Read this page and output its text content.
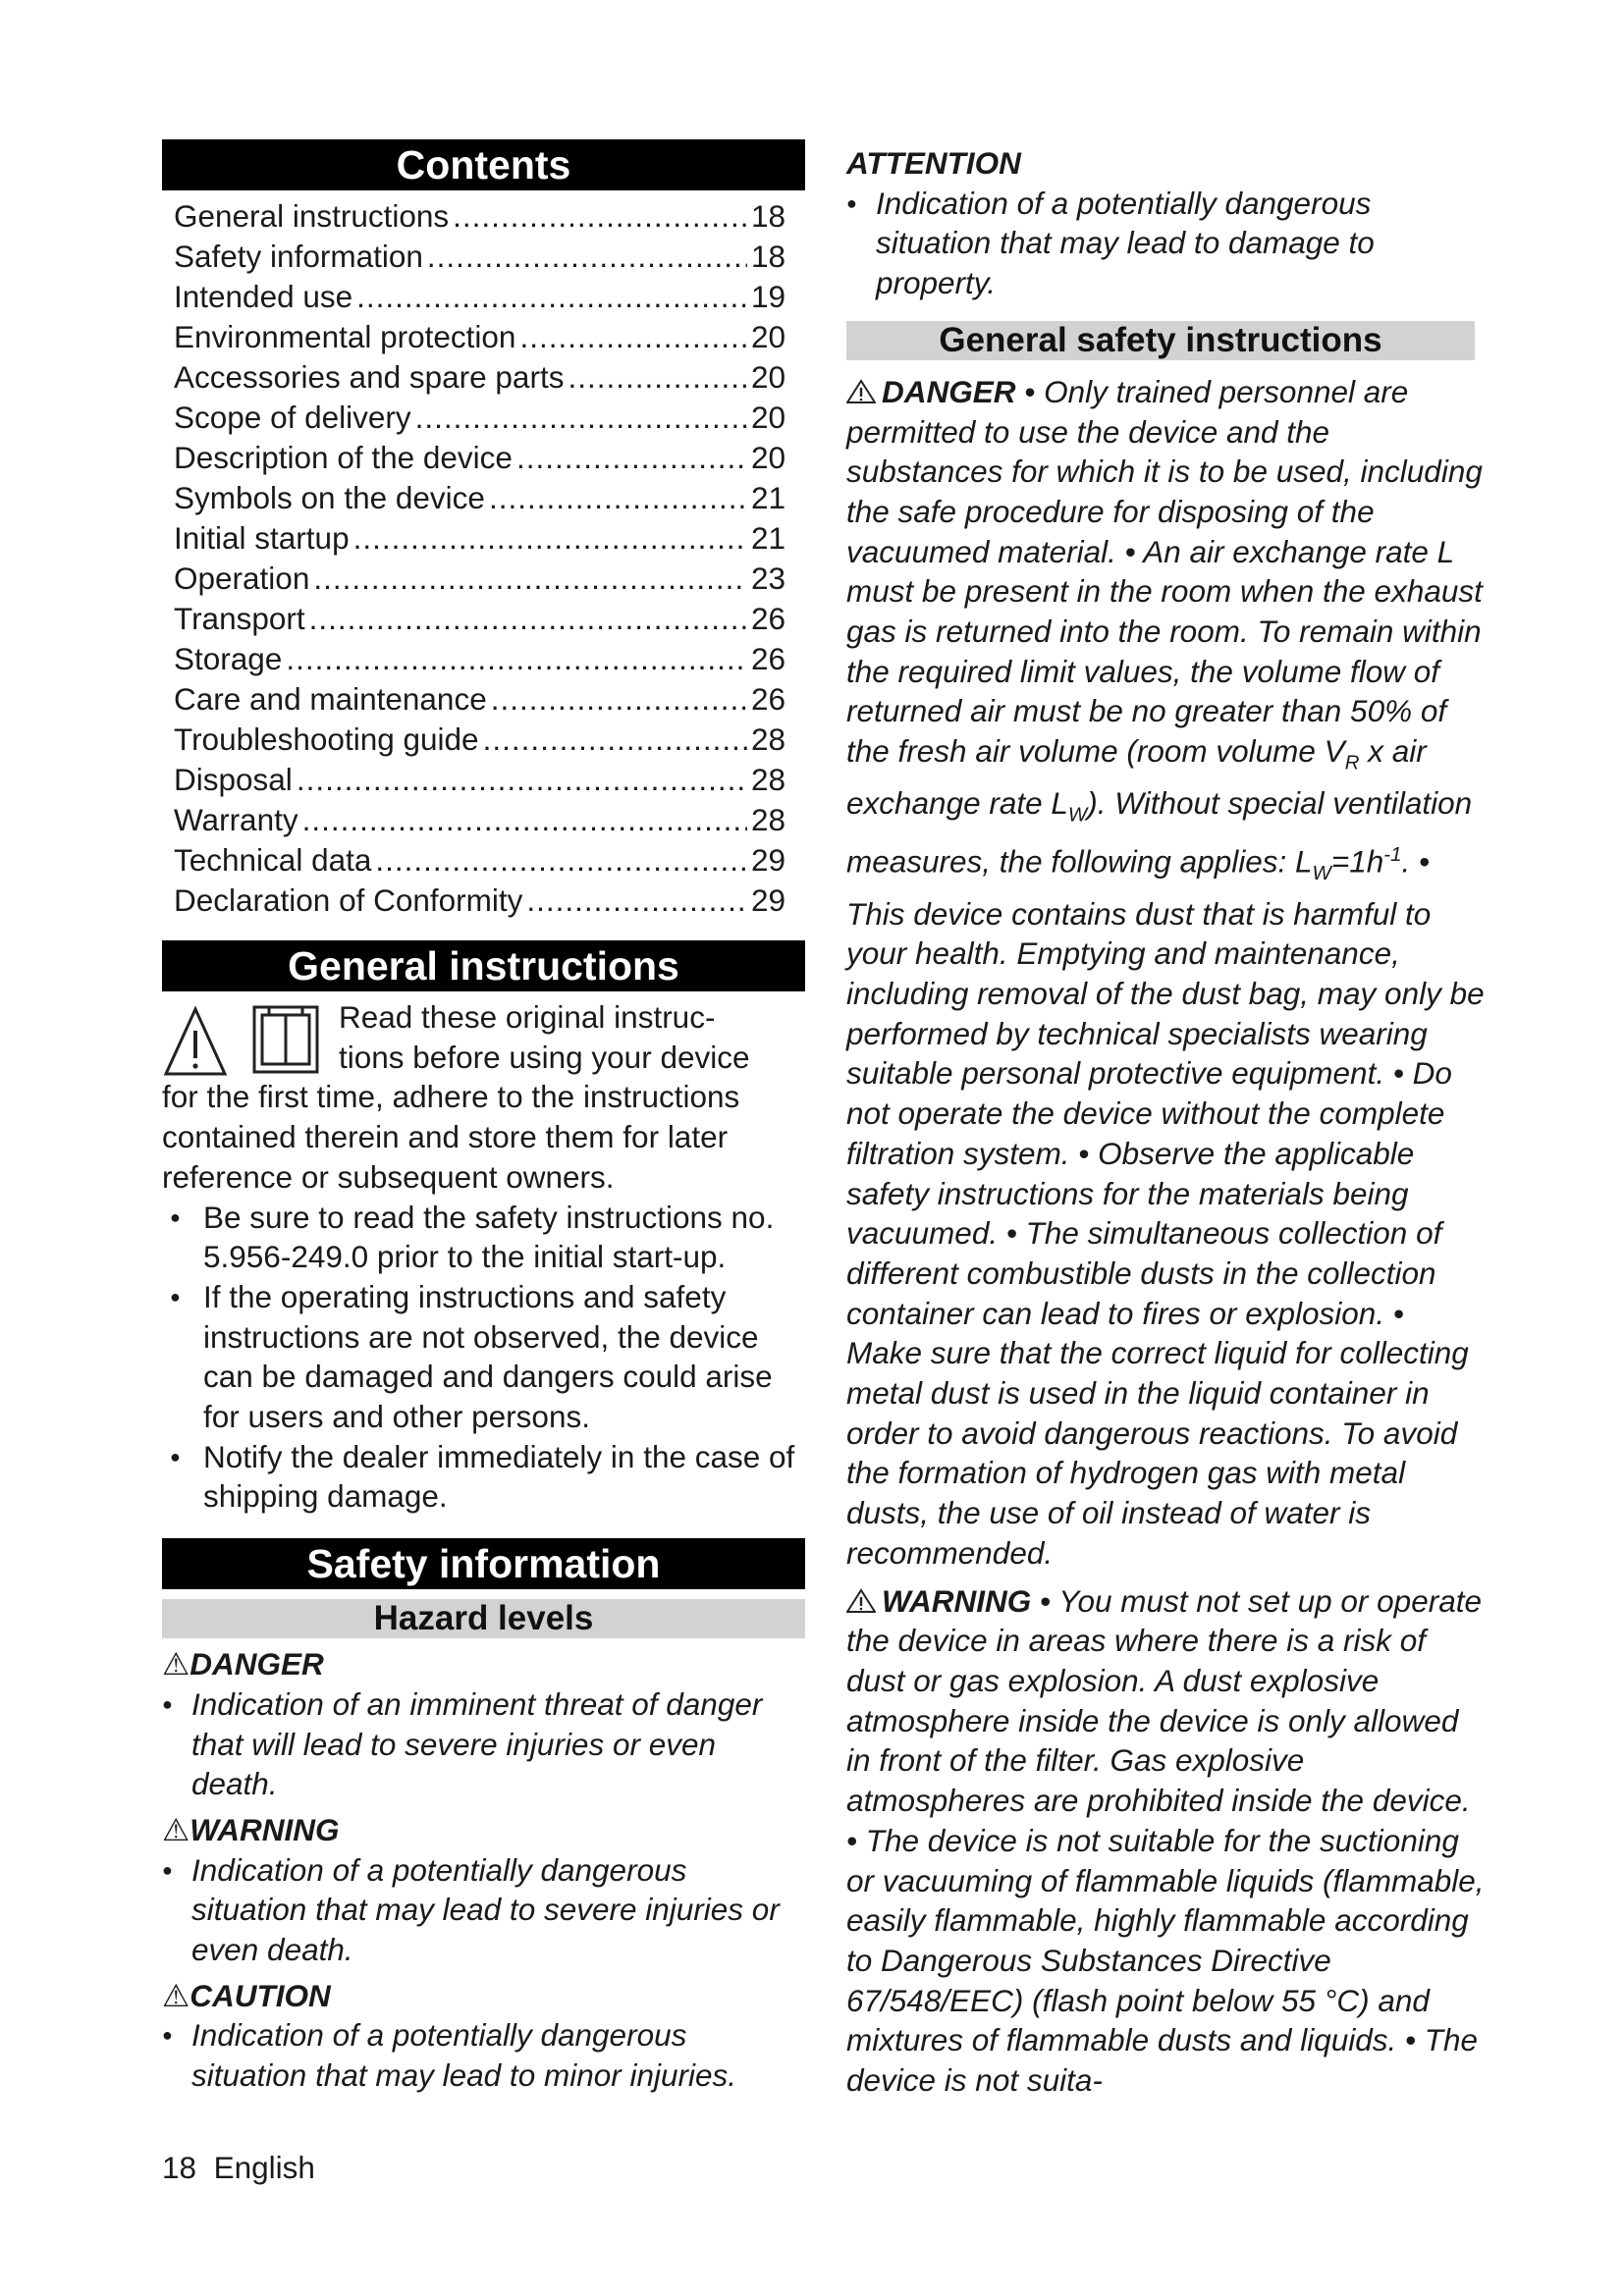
Contents
General instructions .....	18
Safety information .....	18
Intended use .....	19
Environmental protection .....	20
Accessories and spare parts .....	20
Scope of delivery .....	20
Description of the device .....	20
Symbols on the device .....	21
Initial startup .....	21
Operation .....	23
Transport .....	26
Storage .....	26
Care and maintenance .....	26
Troubleshooting guide .....	28
Disposal .....	28
Warranty .....	28
Technical data .....	29
Declaration of Conformity .....	29
General instructions

Read these original instruc-

tions before using your device

for the first time, adhere to the instructions contained therein and store them for later reference or subsequent owners.

● Be sure to read the safety instructions no. 5.956-249.0 prior to the initial start-up.
● If the operating instructions and safety instructions are not observed, the device can be damaged and dangers could arise for users and other persons.
● Notify the dealer immediately in the case of shipping damage.
Safety information
Hazard levels

⚠DANGER

● Indication of an imminent threat of danger that will lead to severe injuries or even death.

⚠WARNING

● Indication of a potentially dangerous situation that may lead to severe injuries or even death.

⚠CAUTION

● Indication of a potentially dangerous situation that may lead to minor injuries.

ATTENTION

● Indication of a potentially dangerous situation that may lead to damage to property.
General safety instructions

DANGER • Only trained personnel are permitted to use the device and the substances for which it is to be used, including the safe procedure for disposing of the vacuumed material. • An air exchange rate L must be present in the room when the exhaust gas is returned into the room. To remain within the required limit values, the volume flow of returned air must be no greater than 50% of the fresh air volume (room volume $V_R$ x air exchange rate $L_W$). Without special ventilation measures, the following applies: $L_W=1h^{-1}$. • This device contains dust that is harmful to your health. Emptying and maintenance, including removal of the dust bag, may only be performed by technical specialists wearing suitable personal protective equipment. • Do not operate the device without the complete filtration system. • Observe the applicable safety instructions for the materials being vacuumed. • The simultaneous collection of different combustible dusts in the collection container can lead to fires or explosion. • Make sure that the correct liquid for collecting metal dust is used in the liquid container in order to avoid dangerous reactions. To avoid the formation of hydrogen gas with metal dusts, the use of oil instead of water is recommended.

WARNING • You must not set up or operate the device in areas where there is a risk of dust or gas explosion. A dust explosive atmosphere inside the device is only allowed in front of the filter. Gas explosive atmospheres are prohibited inside the device. • The device is not suitable for the suctioning or vacuuming of flammable liquids (flammable, easily flammable, highly flammable according to Dangerous Substances Directive 67/548/EEC) (flash point below 55 °C) and mixtures of flammable dusts and liquids. • The device is not suita-

18 English
